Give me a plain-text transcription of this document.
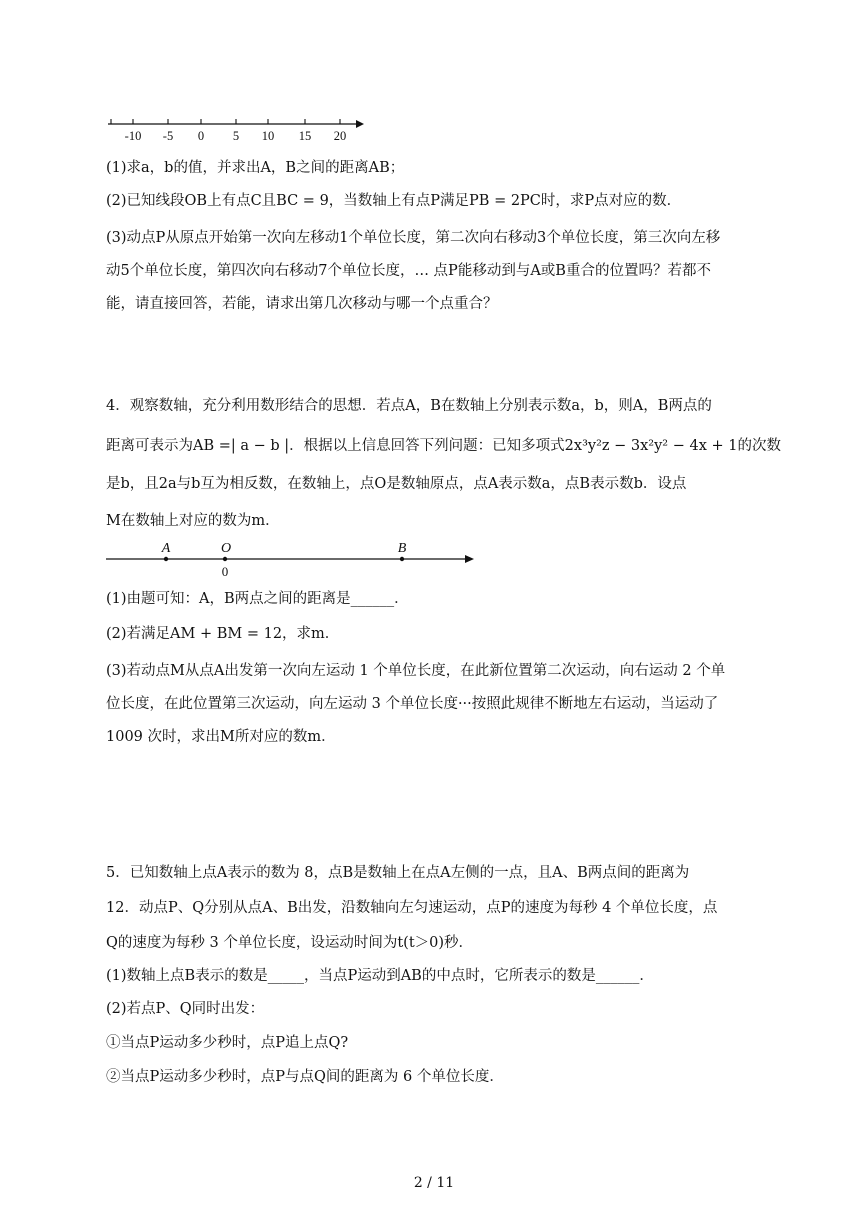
-10 -5 0 5 10 15 20
(1)求a，b的值，并求出A，B之间的距离AB；
(2)已知线段OB上有点C且BC = 9，当数轴上有点P满足PB = 2PC时，求P点对应的数．
(3)动点P从原点开始第一次向左移动1个单位长度，第二次向右移动3个单位长度，第三次向左移
动5个单位长度，第四次向右移动7个单位长度，… 点P能移动到与A或B重合的位置吗？若都不
能，请直接回答，若能，请求出第几次移动与哪一个点重合？
4．观察数轴，充分利用数形结合的思想．若点A，B在数轴上分别表示数a，b，则A，B两点的
距离可表示为AB =| a − b |．根据以上信息回答下列问题：已知多项式2x³y²z − 3x²y² − 4x + 1的次数
是b，且2a与b互为相反数，在数轴上，点O是数轴原点，点A表示数a，点B表示数b．设点
M在数轴上对应的数为m．
A	O	B
0
(1)由题可知：A，B两点之间的距离是______．
(2)若满足AM + BM = 12，求m．
(3)若动点M从点A出发第一次向左运动 1 个单位长度，在此新位置第二次运动，向右运动 2 个单
位长度，在此位置第三次运动，向左运动 3 个单位长度···按照此规律不断地左右运动，当运动了
1009 次时，求出M所对应的数m．
5．已知数轴上点A表示的数为 8，点B是数轴上在点A左侧的一点，且A、B两点间的距离为
12．动点P、Q分别从点A、B出发，沿数轴向左匀速运动，点P的速度为每秒 4 个单位长度，点
Q的速度为每秒 3 个单位长度，设运动时间为t(t＞0)秒．
(1)数轴上点B表示的数是_____，当点P运动到AB的中点时，它所表示的数是______．
(2)若点P、Q同时出发：
①当点P运动多少秒时，点P追上点Q?
②当点P运动多少秒时，点P与点Q间的距离为 6 个单位长度．
2 / 11
